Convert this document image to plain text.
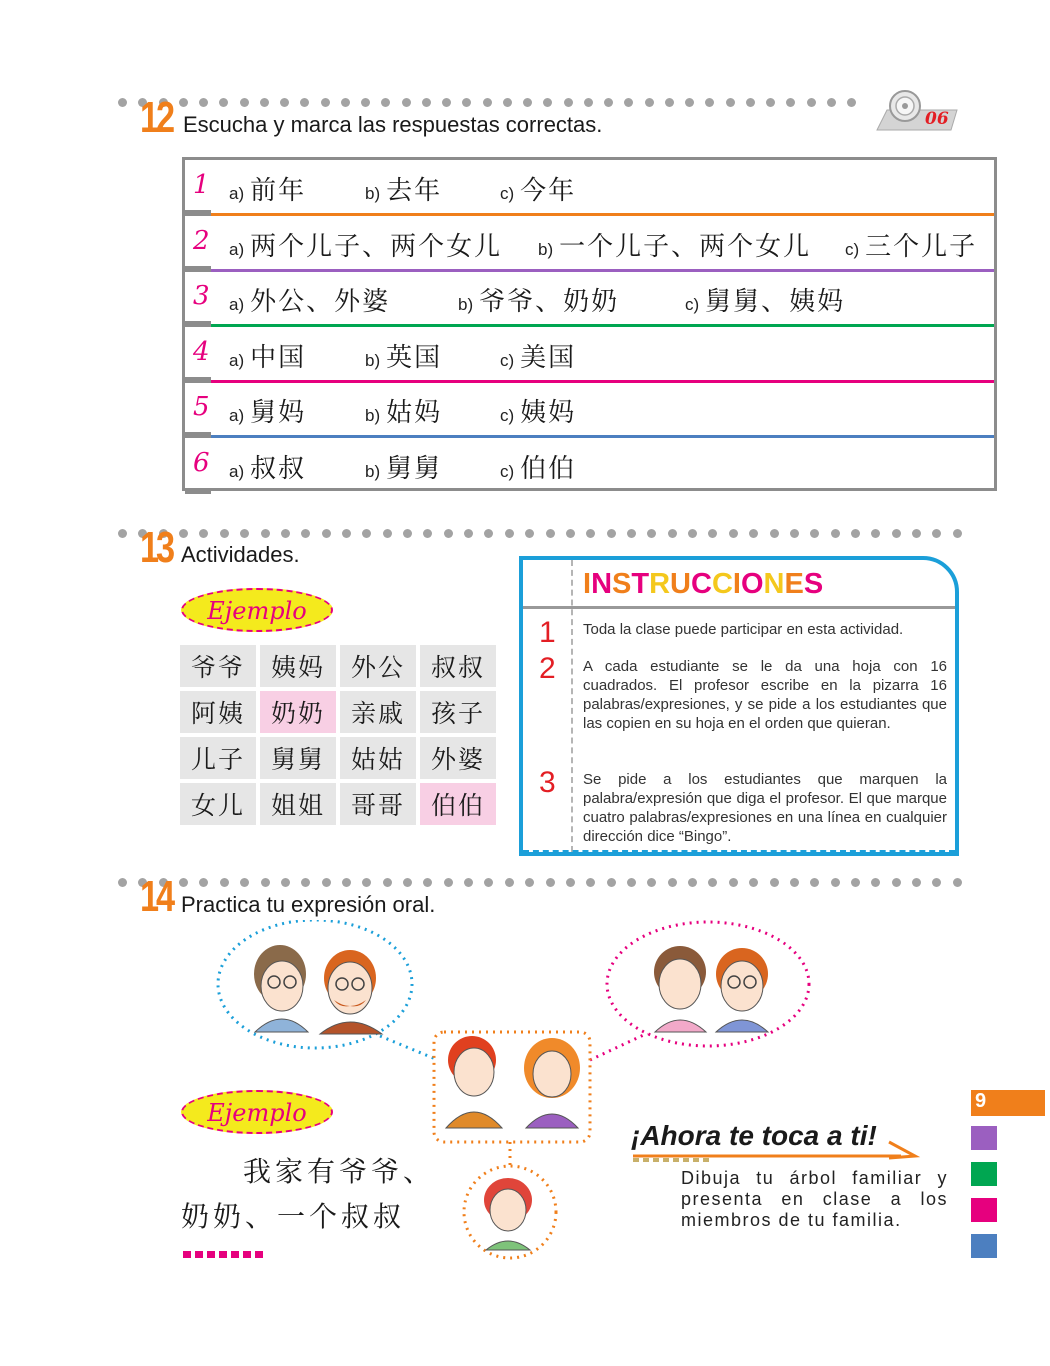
12 Escucha y marca las respuestas correctas.	06
1 a) 前年	b) 去年	c) 今年
2 a) 两个儿子、两个女儿 b) 一个儿子、两个女儿 c) 三个儿子
3 a) 外公、外婆	b) 爷爷、奶奶	c) 舅舅、姨妈
4 a) 中国	b) 英国	c) 美国
5 a) 舅妈	b) 姑妈	c) 姨妈
6 a) 叔叔	b) 舅舅	c) 伯伯
13 Actividades.
Ejemplo
爷爷	姨妈	外公	叔叔
阿姨	奶奶	亲戚	孩子
儿子	舅舅	姑姑	外婆
女儿	姐姐	哥哥	伯伯
INSTRUCCIONES
1 Toda la clase puede participar en esta actividad.
2 A cada estudiante se le da una hoja con 16 cuadrados. El profesor escribe en la pizarra 16 palabras/expresiones, y se pide a los estudiantes que las copien en su hoja en el orden que quieran.
3 Se pide a los estudiantes que marquen la palabra/expresión que diga el profesor. El que marque cuatro palabras/expresiones en una línea en cualquier dirección dice “Bingo”.
14 Practica tu expresión oral.
Ejemplo
我家有爷爷、
奶奶、一个叔叔
¡Ahora te toca a ti!
Dibuja tu árbol familiar y presenta en clase a los miembros de tu familia.
9
